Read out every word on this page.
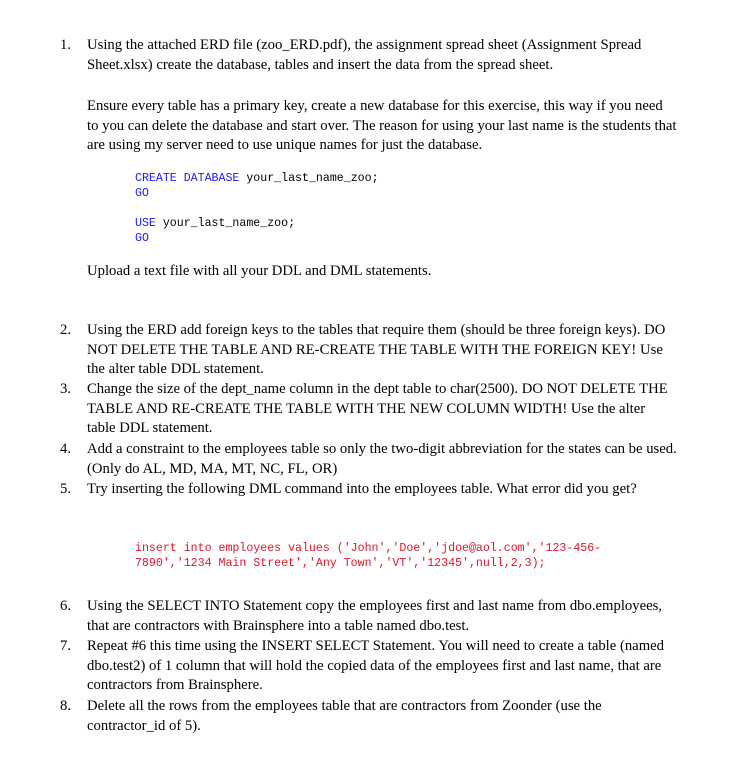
1.	Using the attached ERD file (zoo_ERD.pdf), the assignment spread sheet (Assignment Spread Sheet.xlsx) create the database, tables and insert the data from the spread sheet.
Ensure every table has a primary key, create a new database for this exercise, this way if you need to you can delete the database and start over. The reason for using your last name is the students that are using my server need to use unique names for just the database.
CREATE DATABASE your_last_name_zoo;
GO
USE your_last_name_zoo;
GO
Upload a text file with all your DDL and DML statements.
2.	Using the ERD add foreign keys to the tables that require them (should be three foreign keys). DO NOT DELETE THE TABLE AND RE-CREATE THE TABLE WITH THE FOREIGN KEY! Use the alter table DDL statement.
3.	Change the size of the dept_name column in the dept table to char(2500). DO NOT DELETE THE TABLE AND RE-CREATE THE TABLE WITH THE NEW COLUMN WIDTH! Use the alter table DDL statement.
4.	Add a constraint to the employees table so only the two-digit abbreviation for the states can be used. (Only do AL, MD, MA, MT, NC, FL, OR)
5.	Try inserting the following DML command into the employees table. What error did you get?
insert into employees values ('John','Doe','jdoe@aol.com','123-456-
7890','1234 Main Street','Any Town','VT','12345',null,2,3);
6.	Using the SELECT INTO Statement copy the employees first and last name from dbo.employees, that are contractors with Brainsphere into a table named dbo.test.
7.	Repeat #6 this time using the INSERT SELECT Statement. You will need to create a table (named dbo.test2) of 1 column that will hold the copied data of the employees first and last name, that are contractors from Brainsphere.
8.	Delete all the rows from the employees table that are contractors from Zoonder (use the contractor_id of 5).
